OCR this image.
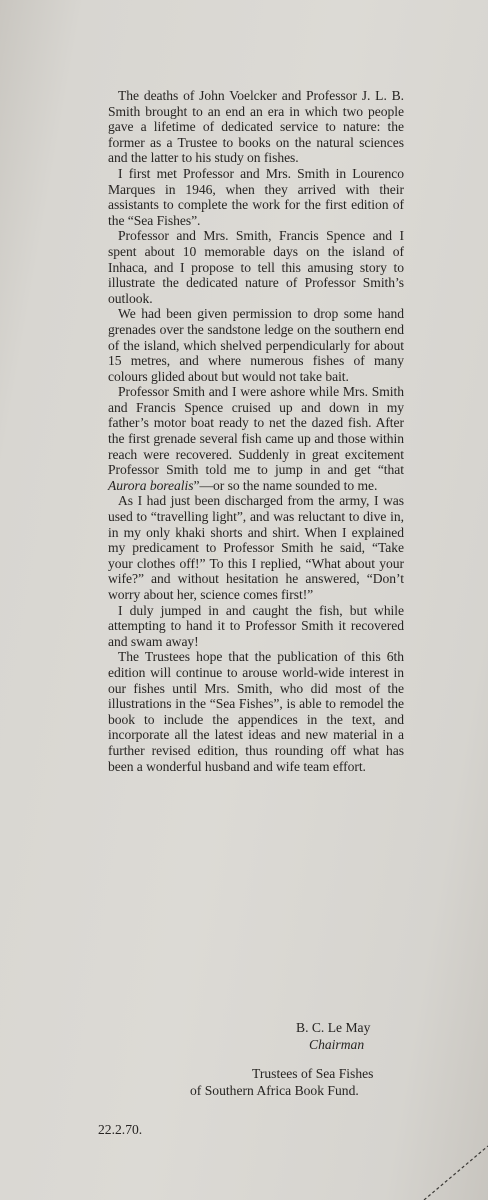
The deaths of John Voelcker and Professor J. L. B. Smith brought to an end an era in which two people gave a lifetime of dedicated service to nature: the former as a Trustee to books on the natural sciences and the latter to his study on fishes.

I first met Professor and Mrs. Smith in Lourenco Marques in 1946, when they arrived with their assistants to complete the work for the first edition of the “Sea Fishes”.

Professor and Mrs. Smith, Francis Spence and I spent about 10 memorable days on the island of Inhaca, and I propose to tell this amusing story to illustrate the dedicated nature of Professor Smith’s outlook.

We had been given permission to drop some hand grenades over the sandstone ledge on the southern end of the island, which shelved perpendicularly for about 15 metres, and where numerous fishes of many colours glided about but would not take bait.

Professor Smith and I were ashore while Mrs. Smith and Francis Spence cruised up and down in my father’s motor boat ready to net the dazed fish. After the first grenade several fish came up and those within reach were recovered. Suddenly in great excitement Professor Smith told me to jump in and get “that Aurora borealis”—or so the name sounded to me.

As I had just been discharged from the army, I was used to “travelling light”, and was reluctant to dive in, in my only khaki shorts and shirt. When I explained my predicament to Professor Smith he said, “Take your clothes off!” To this I replied, “What about your wife?” and without hesitation he answered, “Don’t worry about her, science comes first!”

I duly jumped in and caught the fish, but while attempting to hand it to Professor Smith it recovered and swam away!

The Trustees hope that the publication of this 6th edition will continue to arouse world-wide interest in our fishes until Mrs. Smith, who did most of the illustrations in the “Sea Fishes”, is able to remodel the book to include the appendices in the text, and incorporate all the latest ideas and new material in a further revised edition, thus rounding off what has been a wonderful husband and wife team effort.

B. C. Le May
Chairman
Trustees of Sea Fishes
of Southern Africa Book Fund.
22.2.70.
